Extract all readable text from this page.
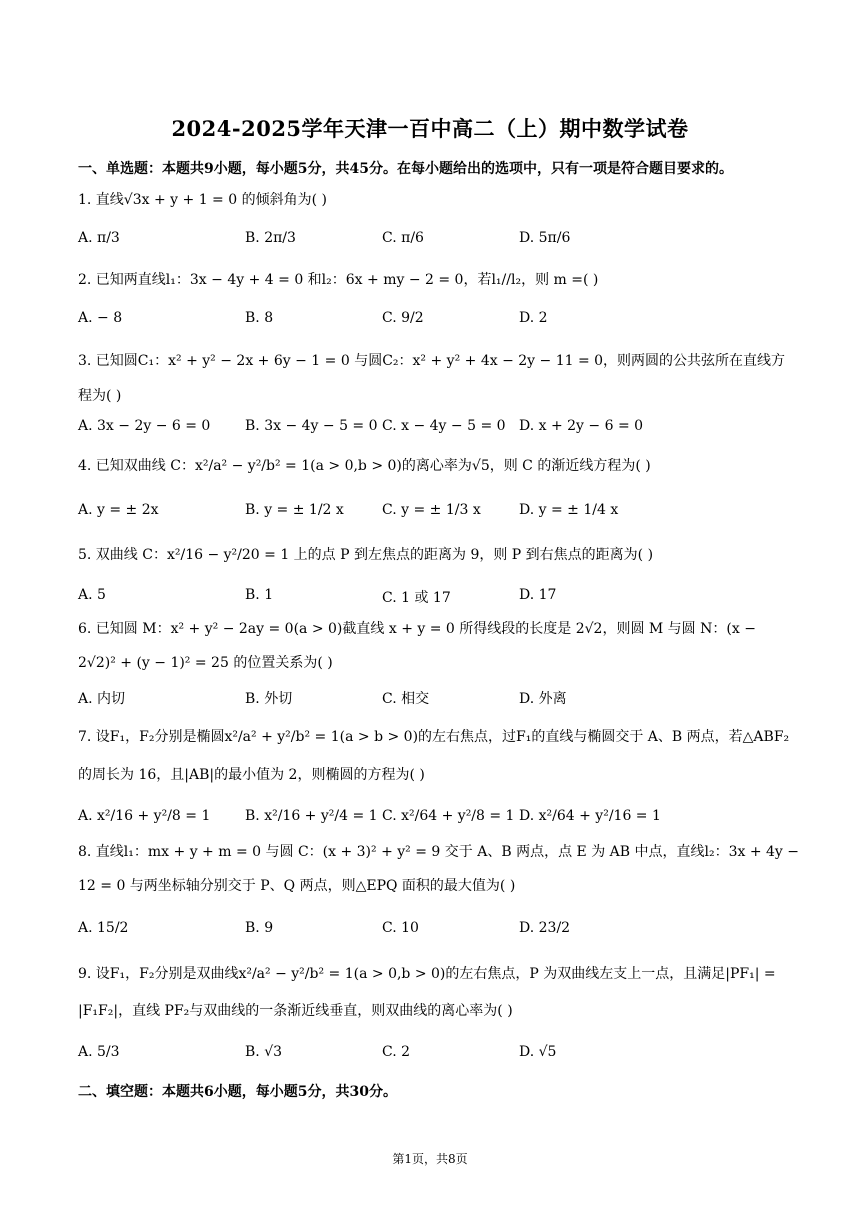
2024-2025学年天津一百中高二（上）期中数学试卷
一、单选题：本题共9小题，每小题5分，共45分。在每小题给出的选项中，只有一项是符合题目要求的。
1. 直线√3x + y + 1 = 0 的倾斜角为( )
A. π/3	B. 2π/3	C. π/6	D. 5π/6
2. 已知两直线l₁：3x − 4y + 4 = 0 和l₂：6x + my − 2 = 0，若l₁//l₂，则 m =( )
A. − 8	B. 8	C. 9/2	D. 2
3. 已知圆C₁：x² + y² − 2x + 6y − 1 = 0 与圆C₂：x² + y² + 4x − 2y − 11 = 0，则两圆的公共弦所在直线方
程为( )
A. 3x − 2y − 6 = 0 B. 3x − 4y − 5 = 0 C. x − 4y − 5 = 0 D. x + 2y − 6 = 0
4. 已知双曲线 C：x²/a² − y²/b² = 1(a > 0,b > 0)的离心率为√5，则 C 的渐近线方程为( )
A. y = ± 2x	B. y = ± 1/2 x	C. y = ± 1/3 x	D. y = ± 1/4 x
5. 双曲线 C：x²/16 − y²/20 = 1 上的点 P 到左焦点的距离为 9，则 P 到右焦点的距离为( )
A. 5	B. 1	C. 1 或 17	D. 17
6. 已知圆 M：x² + y² − 2ay = 0(a > 0)截直线 x + y = 0 所得线段的长度是 2√2，则圆 M 与圆 N：(x −
2√2)² + (y − 1)² = 25 的位置关系为( )
A. 内切	B. 外切	C. 相交	D. 外离
7. 设F₁，F₂分别是椭圆x²/a² + y²/b² = 1(a > b > 0)的左右焦点，过F₁的直线与椭圆交于 A、B 两点，若△ABF₂
的周长为 16，且|AB|的最小值为 2，则椭圆的方程为( )
A. x²/16 + y²/8 = 1 B. x²/16 + y²/4 = 1 C. x²/64 + y²/8 = 1 D. x²/64 + y²/16 = 1
8. 直线l₁：mx + y + m = 0 与圆 C：(x + 3)² + y² = 9 交于 A、B 两点，点 E 为 AB 中点，直线l₂：3x + 4y −
12 = 0 与两坐标轴分别交于 P、Q 两点，则△EPQ 面积的最大值为( )
A. 15/2	B. 9	C. 10	D. 23/2
9. 设F₁，F₂分别是双曲线x²/a² − y²/b² = 1(a > 0,b > 0)的左右焦点，P 为双曲线左支上一点，且满足|PF₁| =
|F₁F₂|，直线 PF₂与双曲线的一条渐近线垂直，则双曲线的离心率为( )
A. 5/3	B. √3	C. 2	D. √5
二、填空题：本题共6小题，每小题5分，共30分。
第1页，共8页
